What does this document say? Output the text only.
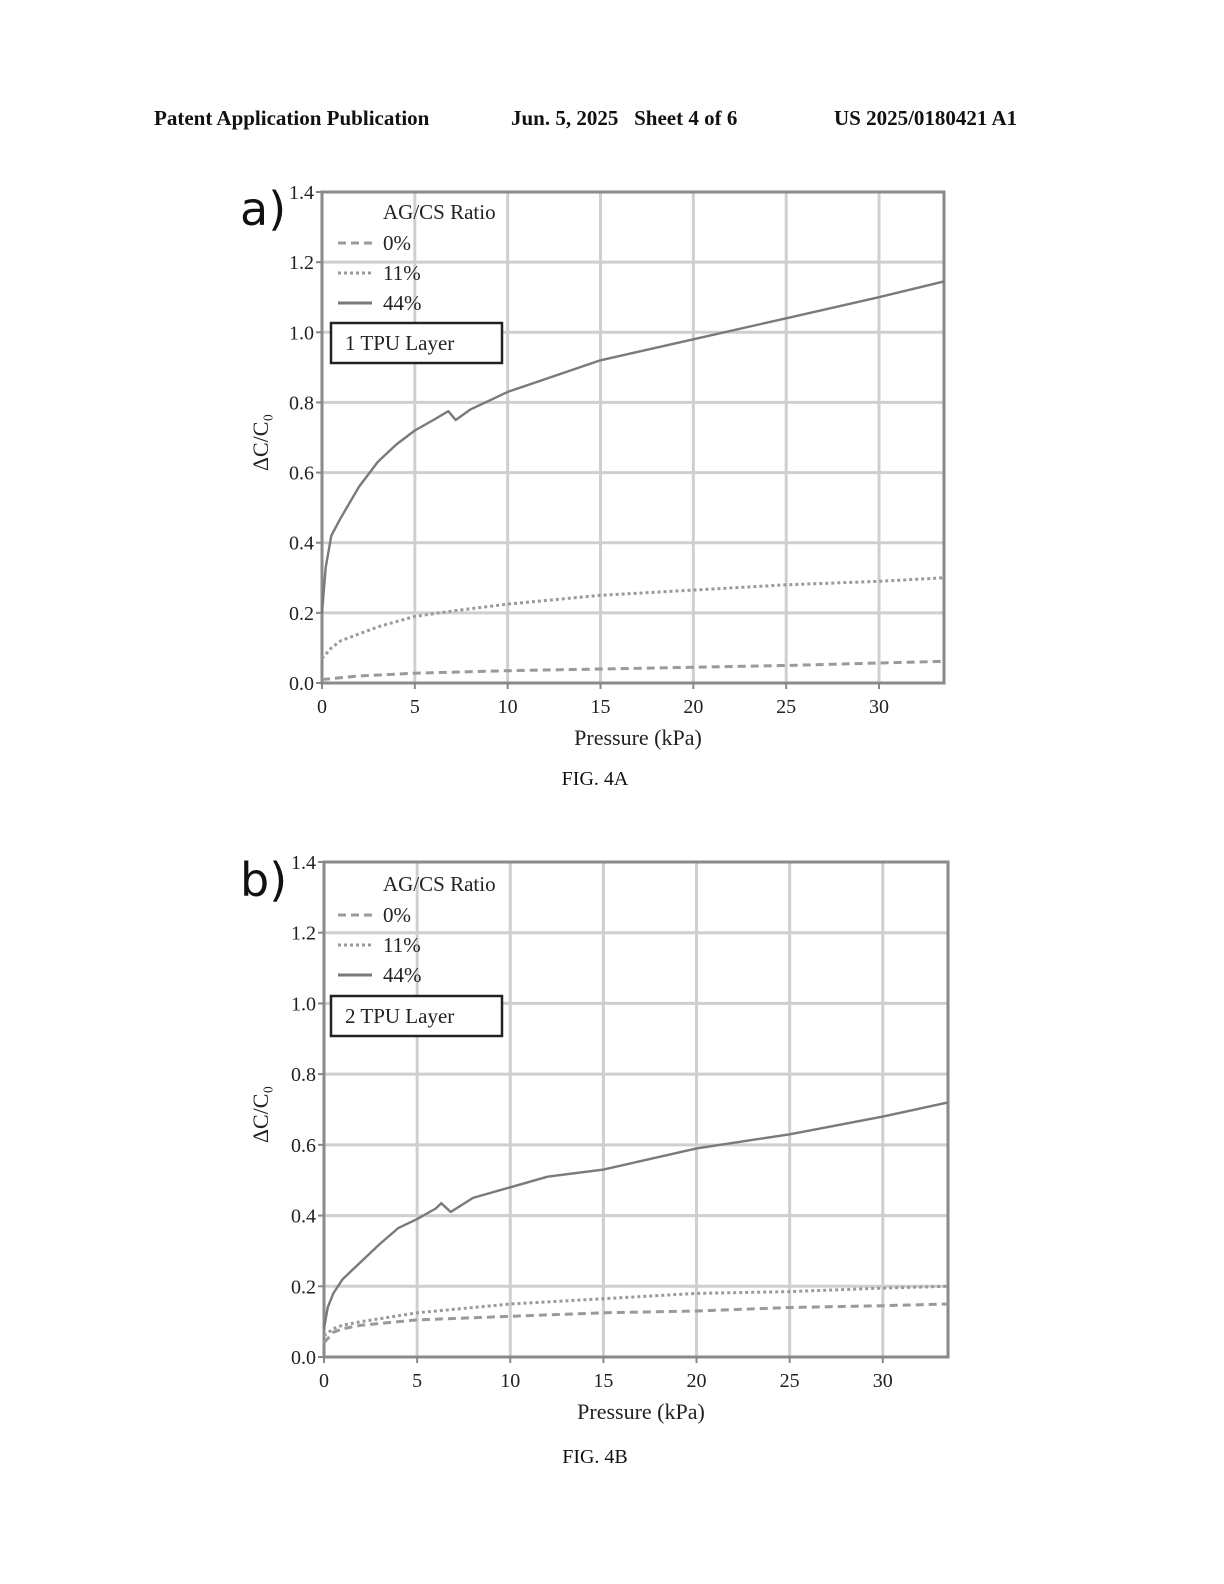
Patent Application Publication	Jun. 5, 2025   Sheet 4 of 6	US 2025/0180421 A1
0	5	10	15	20	25	30
0.0
0.2
0.4
0.6
0.8
1.0
1.2
1.4
Pressure (kPa)
ΔC/C₀
a)	AG/CS Ratio
0%
11%
44%
1 TPU Layer
FIG. 4A
0	5	10	15	20	25	30
0.0
0.2
0.4
0.6
0.8
1.0
1.2
1.4
Pressure (kPa)
ΔC/C₀
b)	AG/CS Ratio
0%
11%
44%
2 TPU Layer
FIG. 4B
